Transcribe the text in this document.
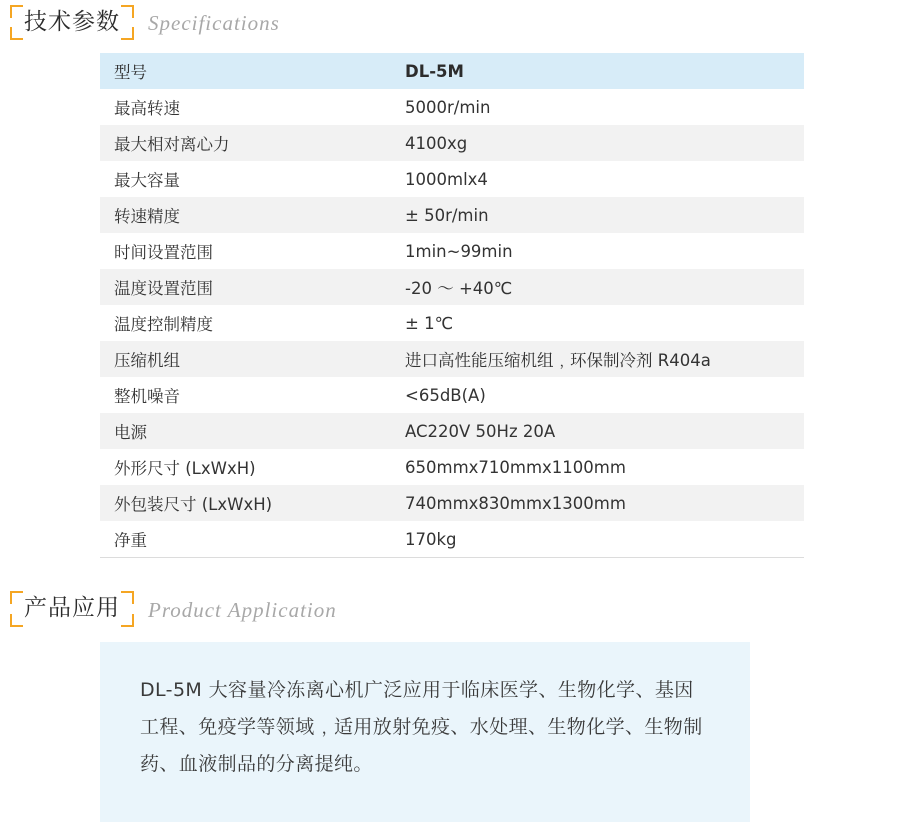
技术参数	Specifications
型号	DL-5M
最高转速	5000r/min
最大相对离心力	4100xg
最大容量	1000mlx4
转速精度	± 50r/min
时间设置范围	1min~99min
温度设置范围	-20 ～ +40℃
温度控制精度	± 1℃
压缩机组	进口高性能压缩机组﹐环保制冷剂 R404a
整机噪音	<65dB(A)
电源	AC220V 50Hz 20A
外形尺寸 (LxWxH)	650mmx710mmx1100mm
外包装尺寸 (LxWxH)	740mmx830mmx1300mm
净重	170kg
产品应用	Product Application
DL-5M 大容量冷冻离心机广泛应用于临床医学、生物化学、基因工程、免疫学等领域﹐适用放射免疫、水处理、生物化学、生物制药、血液制品的分离提纯。
